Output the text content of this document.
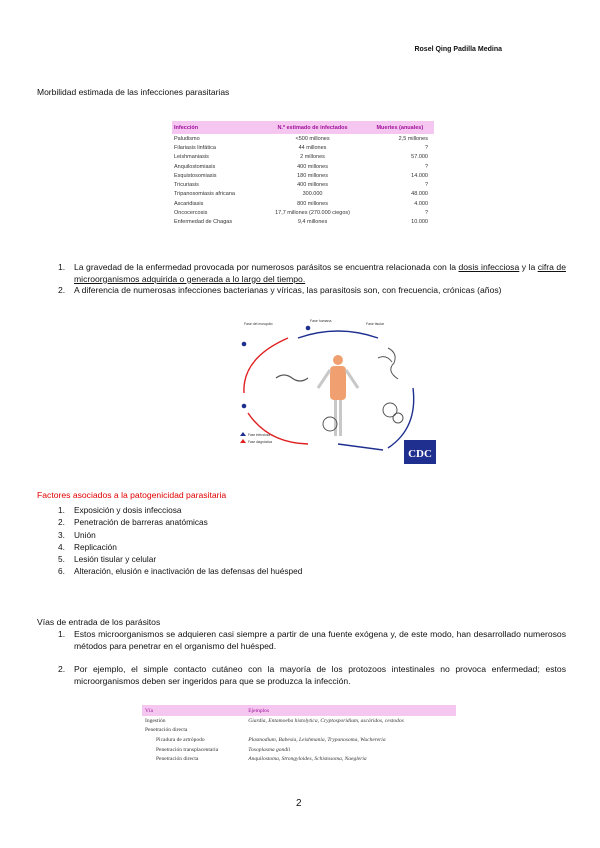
Rosel Qing Padilla Medina
Morbilidad estimada de las infecciones parasitarias
Infección	N.º estimado de infectados	Muertes (anuales)
Paludismo	<500 millones	2,5 millones
Filariasis linfática	44 millones	?
Leishmaniasis	2 millones	57.000
Anquilostomiasis	400 millones	?
Esquistosomiasis	180 millones	14.000
Tricuriasis	400 millones	?
Tripanosomiasis africana	300.000	48.000
Ascaridiasis	800 millones	4.000
Oncocercosis	17,7 millones (270.000 ciegos)	?
Enfermedad de Chagas	9,4 millones	10.000
1. La gravedad de la enfermedad provocada por numerosos parásitos se encuentra relacionada con la dosis infecciosa y la cifra de microorganismos adquirida o generada a lo largo del tiempo.
2. A diferencia de numerosas infecciones bacterianas y víricas, las parasitosis son, con frecuencia, crónicas (años)
Fase del mosquito
Fase humana
Fase tisular
Fase infecciosa
Fase diagnóstica
CDC
Factores asociados a la patogenicidad parasitaria
1. Exposición y dosis infecciosa
2. Penetración de barreras anatómicas
3. Unión
4. Replicación
5. Lesión tisular y celular
6. Alteración, elusión e inactivación de las defensas del huésped
Vías de entrada de los parásitos
1. Estos microorganismos se adquieren casi siempre a partir de una fuente exógena y, de este modo, han desarrollado numerosos métodos para penetrar en el organismo del huésped.
2. Por ejemplo, el simple contacto cutáneo con la mayoría de los protozoos intestinales no provoca enfermedad; estos microorganismos deben ser ingeridos para que se produzca la infección.
Vía	Ejemplos
Ingestión	Giardia, Entamoeba histolytica, Cryptosporidium, ascáridos, cestodos
Penetración directa	
Picadura de artrópodo	Plasmodium, Babesia, Leishmania, Trypanosoma, Wuchereria
Penetración transplacentaria	Toxoplasma gondii
Penetración directa	Anquilostoma, Strongyloides, Schistosoma, Naegleria
2
